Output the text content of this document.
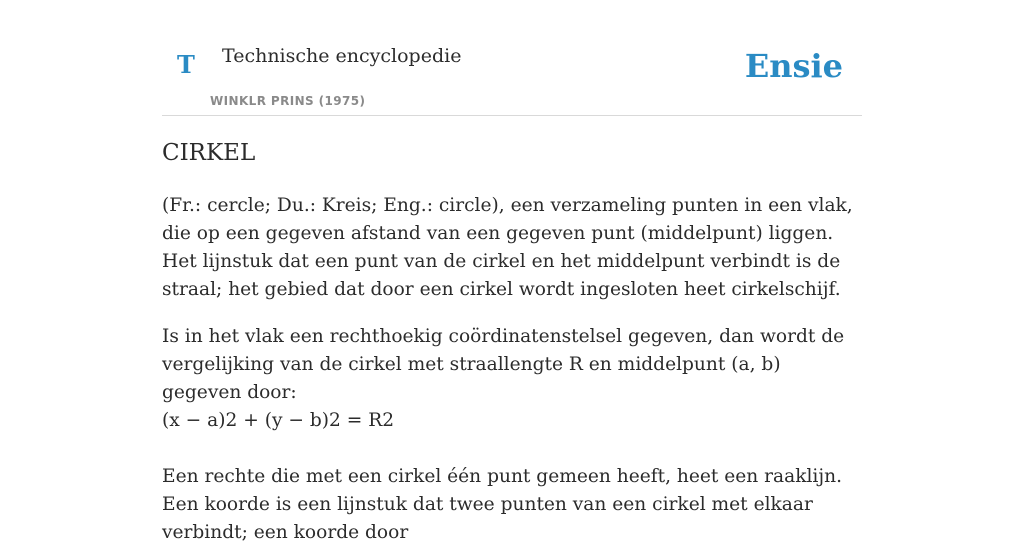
T Technische encyclopedie
WINKLR PRINS (1975)
Ensie
CIRKEL

(Fr.: cercle; Du.: Kreis; Eng.: circle), een verzameling punten in een vlak, die op een gegeven afstand van een gegeven punt (middelpunt) liggen. Het lijnstuk dat een punt van de cirkel en het middelpunt verbindt is de straal; het gebied dat door een cirkel wordt ingesloten heet cirkelschijf.

Is in het vlak een rechthoekig coördinatenstelsel gegeven, dan wordt de vergelijking van de cirkel met straallengte R en middelpunt (a, b) gegeven door:

(x − a)2 + (y − b)2 = R2

Een rechte die met een cirkel één punt gemeen heeft, heet een raaklijn. Een koorde is een lijnstuk dat twee punten van een cirkel met elkaar verbindt; een koorde door
